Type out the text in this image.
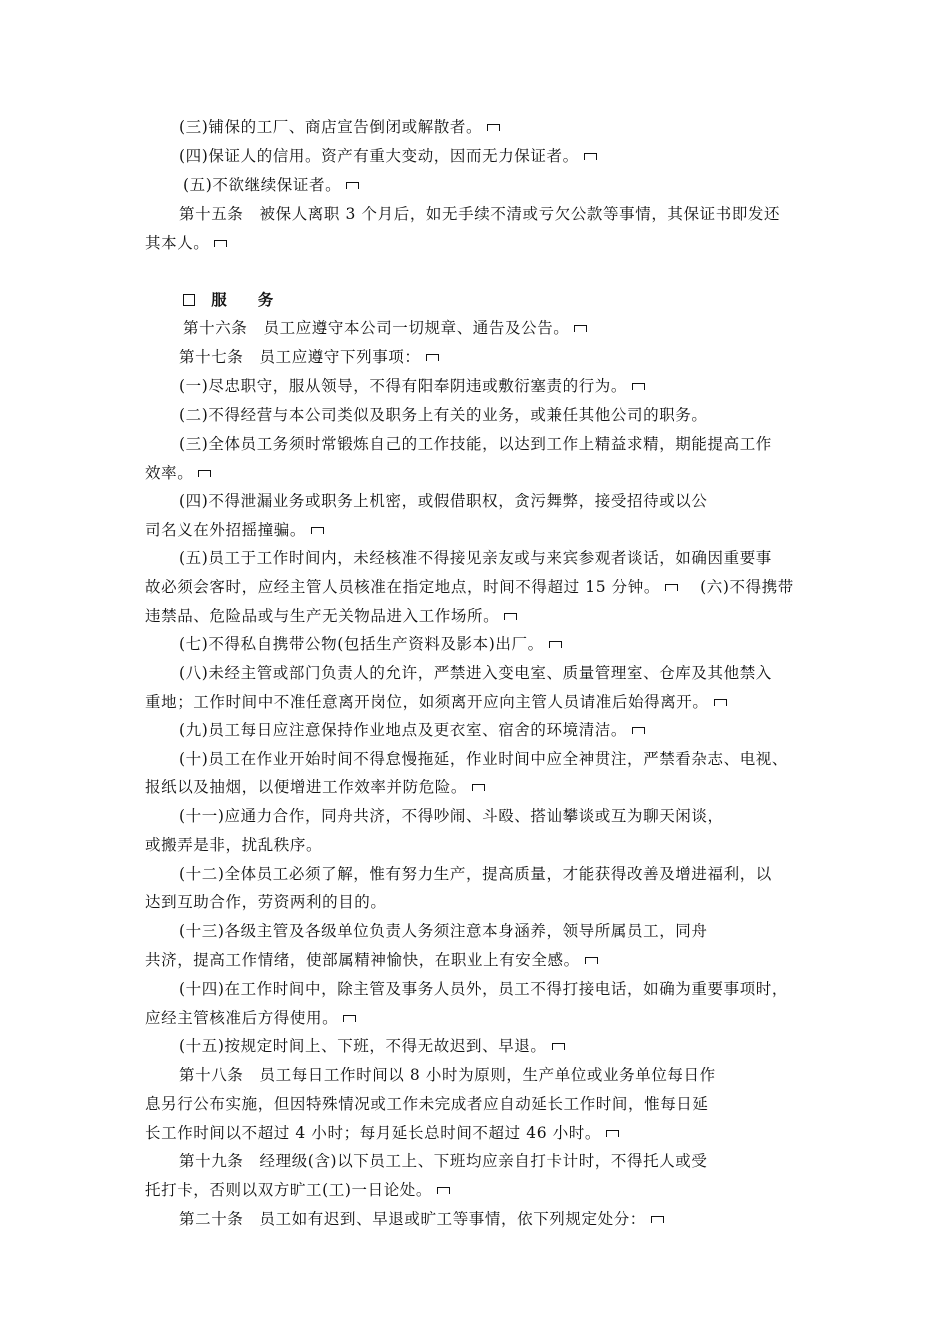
(三)铺保的工厂、商店宣告倒闭或解散者。
(四)保证人的信用。资产有重大变动，因而无力保证者。
(五)不欲继续保证者。
第十五条　被保人离职 3 个月后，如无手续不清或亏欠公款等事情，其保证书即发还
其本人。
服　　务
第十六条　员工应遵守本公司一切规章、通告及公告。
第十七条　员工应遵守下列事项：
(一)尽忠职守，服从领导，不得有阳奉阴违或敷衍塞责的行为。
(二)不得经营与本公司类似及职务上有关的业务，或兼任其他公司的职务。
(三)全体员工务须时常锻炼自己的工作技能，以达到工作上精益求精，期能提高工作
效率。
(四)不得泄漏业务或职务上机密，或假借职权，贪污舞弊，接受招待或以公
司名义在外招摇撞骗。
(五)员工于工作时间内，未经核准不得接见亲友或与来宾参观者谈话，如确因重要事
故必须会客时，应经主管人员核准在指定地点，时间不得超过 15 分钟。	(六)不得携带
违禁品、危险品或与生产无关物品进入工作场所。
(七)不得私自携带公物(包括生产资料及影本)出厂。
(八)未经主管或部门负责人的允许，严禁进入变电室、质量管理室、仓库及其他禁入
重地；工作时间中不准任意离开岗位，如须离开应向主管人员请准后始得离开。
(九)员工每日应注意保持作业地点及更衣室、宿舍的环境清洁。
(十)员工在作业开始时间不得怠慢拖延，作业时间中应全神贯注，严禁看杂志、电视、
报纸以及抽烟，以便增进工作效率并防危险。
(十一)应通力合作，同舟共济，不得吵闹、斗殴、搭讪攀谈或互为聊天闲谈，
或搬弄是非，扰乱秩序。
(十二)全体员工必须了解，惟有努力生产，提高质量，才能获得改善及增进福利，以
达到互助合作，劳资两利的目的。
(十三)各级主管及各级单位负责人务须注意本身涵养，领导所属员工，同舟
共济，提高工作情绪，使部属精神愉快，在职业上有安全感。
(十四)在工作时间中，除主管及事务人员外，员工不得打接电话，如确为重要事项时，
应经主管核准后方得使用。
(十五)按规定时间上、下班，不得无故迟到、早退。
第十八条　员工每日工作时间以 8 小时为原则，生产单位或业务单位每日作
息另行公布实施，但因特殊情况或工作未完成者应自动延长工作时间，惟每日延
长工作时间以不超过 4 小时；每月延长总时间不超过 46 小时。
第十九条　经理级(含)以下员工上、下班均应亲自打卡计时，不得托人或受
托打卡，否则以双方旷工(工)一日论处。
第二十条　员工如有迟到、早退或旷工等事情，依下列规定处分：
